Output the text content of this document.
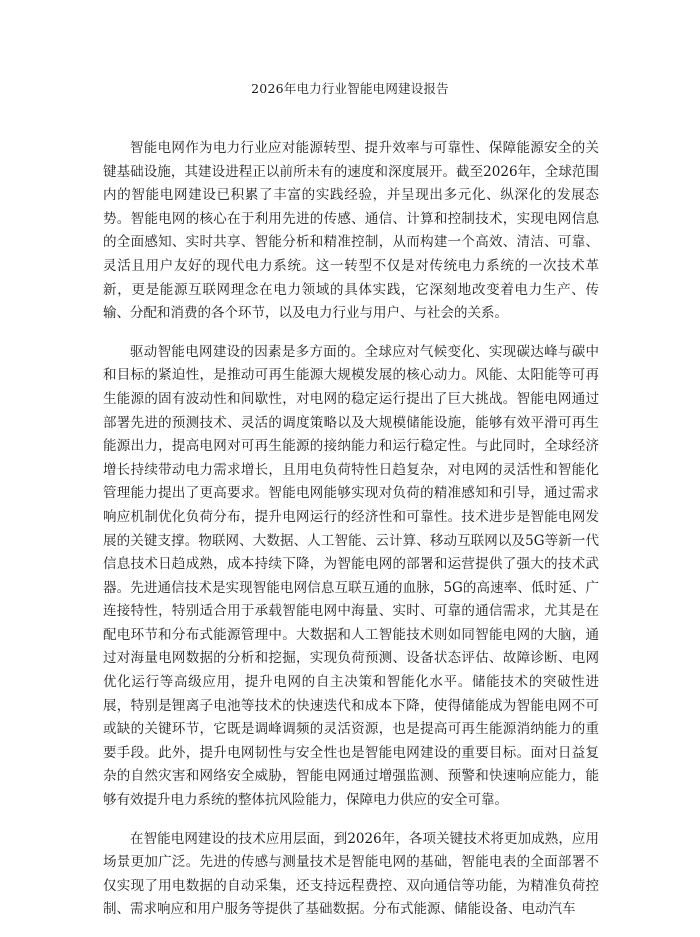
2026年电力行业智能电网建设报告

智能电网作为电力行业应对能源转型、提升效率与可靠性、保障能源安全的关键基础设施，其建设进程正以前所未有的速度和深度展开。截至2026年，全球范围内的智能电网建设已积累了丰富的实践经验，并呈现出多元化、纵深化的发展态势。智能电网的核心在于利用先进的传感、通信、计算和控制技术，实现电网信息的全面感知、实时共享、智能分析和精准控制，从而构建一个高效、清洁、可靠、灵活且用户友好的现代电力系统。这一转型不仅是对传统电力系统的一次技术革新，更是能源互联网理念在电力领域的具体实践，它深刻地改变着电力生产、传输、分配和消费的各个环节，以及电力行业与用户、与社会的关系。

驱动智能电网建设的因素是多方面的。全球应对气候变化、实现碳达峰与碳中和目标的紧迫性，是推动可再生能源大规模发展的核心动力。风能、太阳能等可再生能源的固有波动性和间歇性，对电网的稳定运行提出了巨大挑战。智能电网通过部署先进的预测技术、灵活的调度策略以及大规模储能设施，能够有效平滑可再生能源出力，提高电网对可再生能源的接纳能力和运行稳定性。与此同时，全球经济增长持续带动电力需求增长，且用电负荷特性日趋复杂，对电网的灵活性和智能化管理能力提出了更高要求。智能电网能够实现对负荷的精准感知和引导，通过需求响应机制优化负荷分布，提升电网运行的经济性和可靠性。技术进步是智能电网发展的关键支撑。物联网、大数据、人工智能、云计算、移动互联网以及5G等新一代信息技术日趋成熟，成本持续下降，为智能电网的部署和运营提供了强大的技术武器。先进通信技术是实现智能电网信息互联互通的血脉，5G的高速率、低时延、广连接特性，特别适合用于承载智能电网中海量、实时、可靠的通信需求，尤其是在配电环节和分布式能源管理中。大数据和人工智能技术则如同智能电网的大脑，通过对海量电网数据的分析和挖掘，实现负荷预测、设备状态评估、故障诊断、电网优化运行等高级应用，提升电网的自主决策和智能化水平。储能技术的突破性进展，特别是锂离子电池等技术的快速迭代和成本下降，使得储能成为智能电网不可或缺的关键环节，它既是调峰调频的灵活资源，也是提高可再生能源消纳能力的重要手段。此外，提升电网韧性与安全性也是智能电网建设的重要目标。面对日益复杂的自然灾害和网络安全威胁，智能电网通过增强监测、预警和快速响应能力，能够有效提升电力系统的整体抗风险能力，保障电力供应的安全可靠。

在智能电网建设的技术应用层面，到2026年，各项关键技术将更加成熟，应用场景更加广泛。先进的传感与测量技术是智能电网的基础，智能电表的全面部署不仅实现了用电数据的自动采集，还支持远程费控、双向通信等功能，为精准负荷控制、需求响应和用户服务等提供了基础数据。分布式能源、储能设备、电动汽车
